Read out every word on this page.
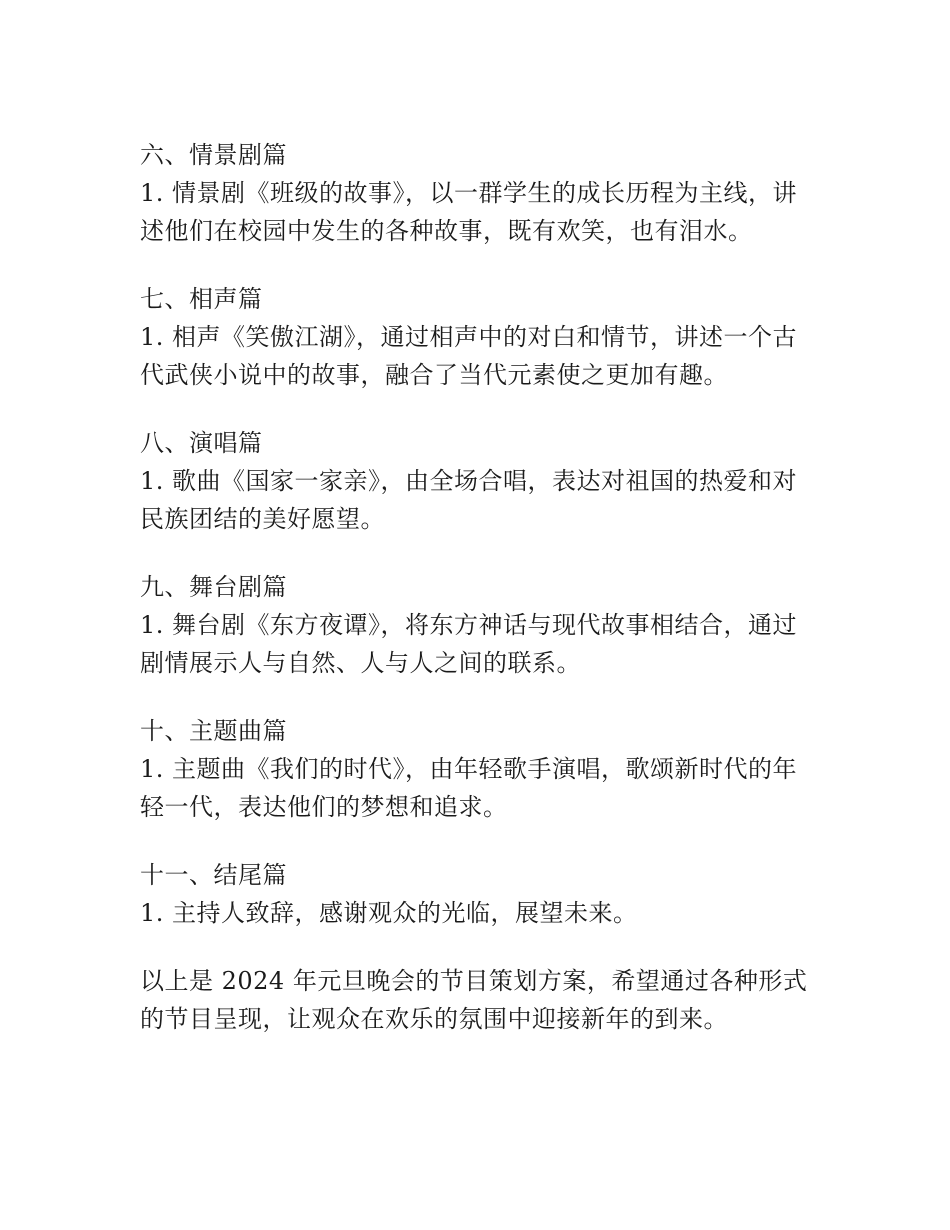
六、情景剧篇
1. 情景剧《班级的故事》，以一群学生的成长历程为主线，讲
述他们在校园中发生的各种故事，既有欢笑，也有泪水。
七、相声篇
1. 相声《笑傲江湖》，通过相声中的对白和情节，讲述一个古
代武侠小说中的故事，融合了当代元素使之更加有趣。
八、演唱篇
1. 歌曲《国家一家亲》，由全场合唱，表达对祖国的热爱和对
民族团结的美好愿望。
九、舞台剧篇
1. 舞台剧《东方夜谭》，将东方神话与现代故事相结合，通过
剧情展示人与自然、人与人之间的联系。
十、主题曲篇
1. 主题曲《我们的时代》，由年轻歌手演唱，歌颂新时代的年
轻一代，表达他们的梦想和追求。
十一、结尾篇
1. 主持人致辞，感谢观众的光临，展望未来。
以上是 2024 年元旦晚会的节目策划方案，希望通过各种形式
的节目呈现，让观众在欢乐的氛围中迎接新年的到来。
